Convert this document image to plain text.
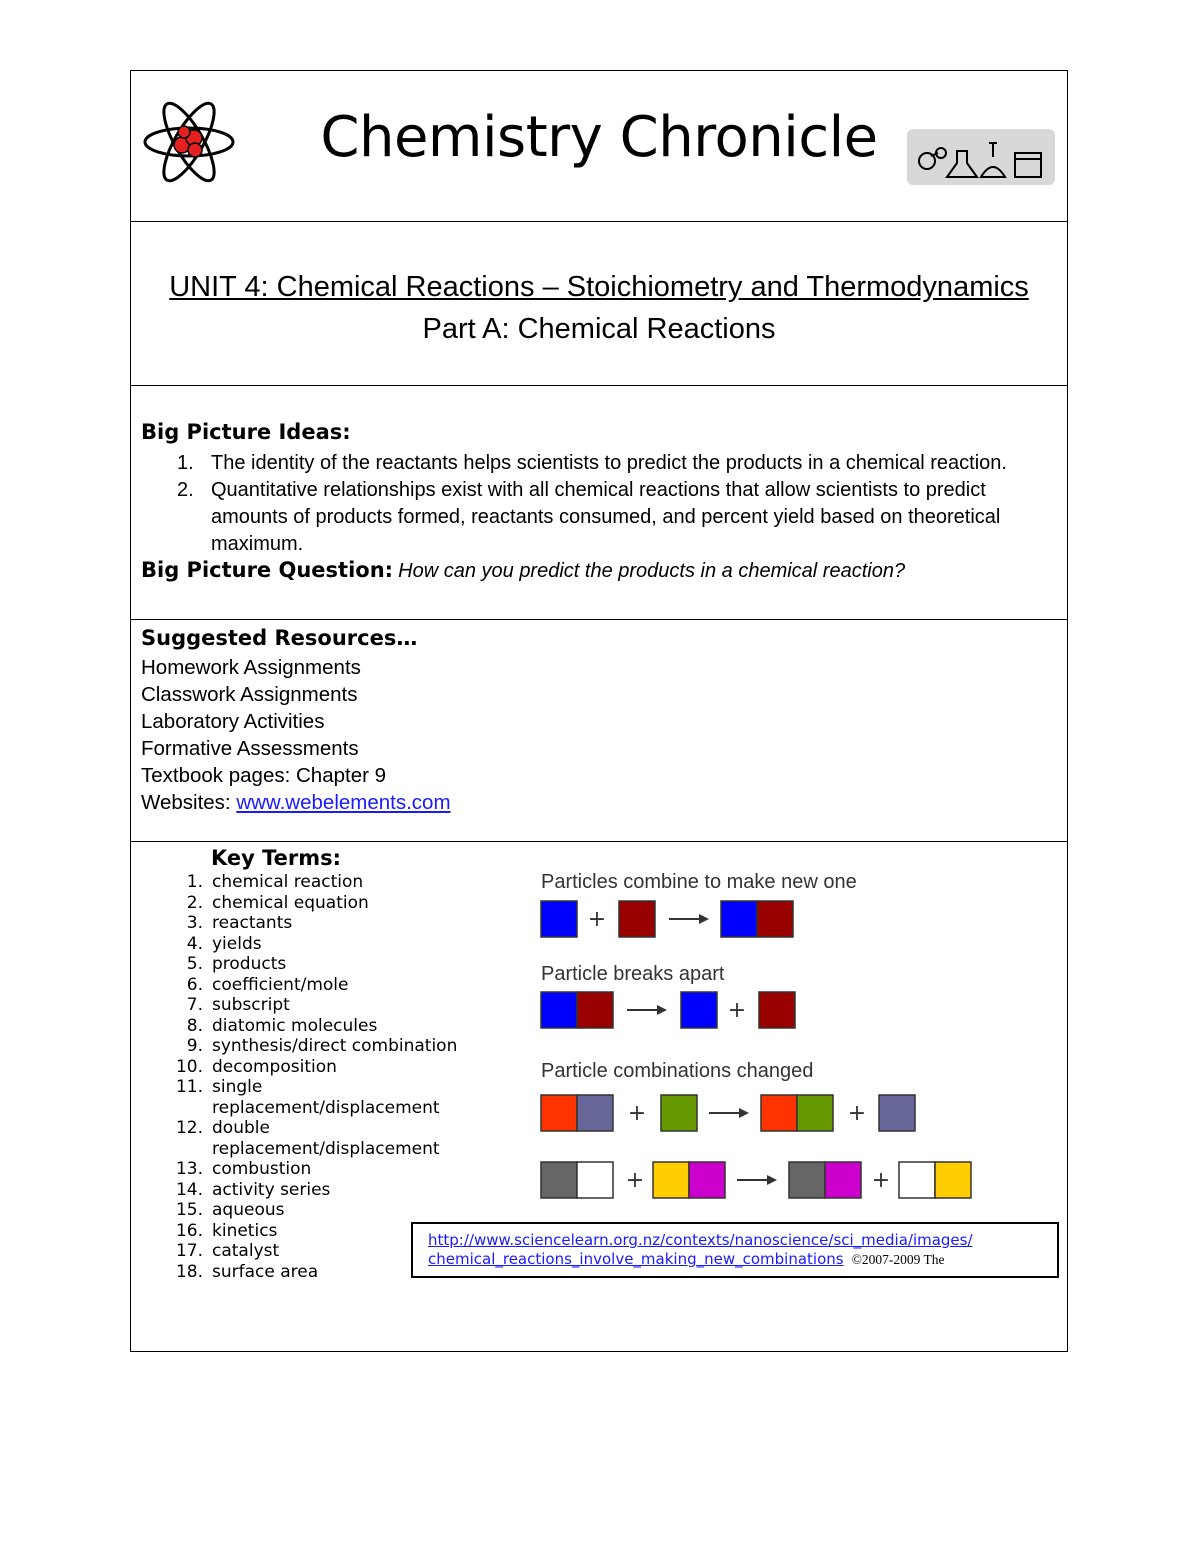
Chemistry Chronicle
UNIT 4: Chemical Reactions – Stoichiometry and Thermodynamics
Part A: Chemical Reactions
Big Picture Ideas:
1. The identity of the reactants helps scientists to predict the products in a chemical reaction.
2. Quantitative relationships exist with all chemical reactions that allow scientists to predict amounts of products formed, reactants consumed, and percent yield based on theoretical maximum.
Big Picture Question: How can you predict the products in a chemical reaction?
Suggested Resources…
Homework Assignments
Classwork Assignments
Laboratory Activities
Formative Assessments
Textbook pages: Chapter 9
Websites: www.webelements.com
Key Terms:
1. chemical reaction
2. chemical equation
3. reactants
4. yields
5. products
6. coefficient/mole
7. subscript
8. diatomic molecules
9. synthesis/direct combination
10. decomposition
11. single replacement/displacement
12. double replacement/displacement
13. combustion
14. activity series
15. aqueous
16. kinetics
17. catalyst
18. surface area
Particles combine to make new one
+
Particle breaks apart
+
Particle combinations changed
+	+
+	+
http://www.sciencelearn.org.nz/contexts/nanoscience/sci_media/images/
chemical_reactions_involve_making_new_combinations ©2007-2009 The
